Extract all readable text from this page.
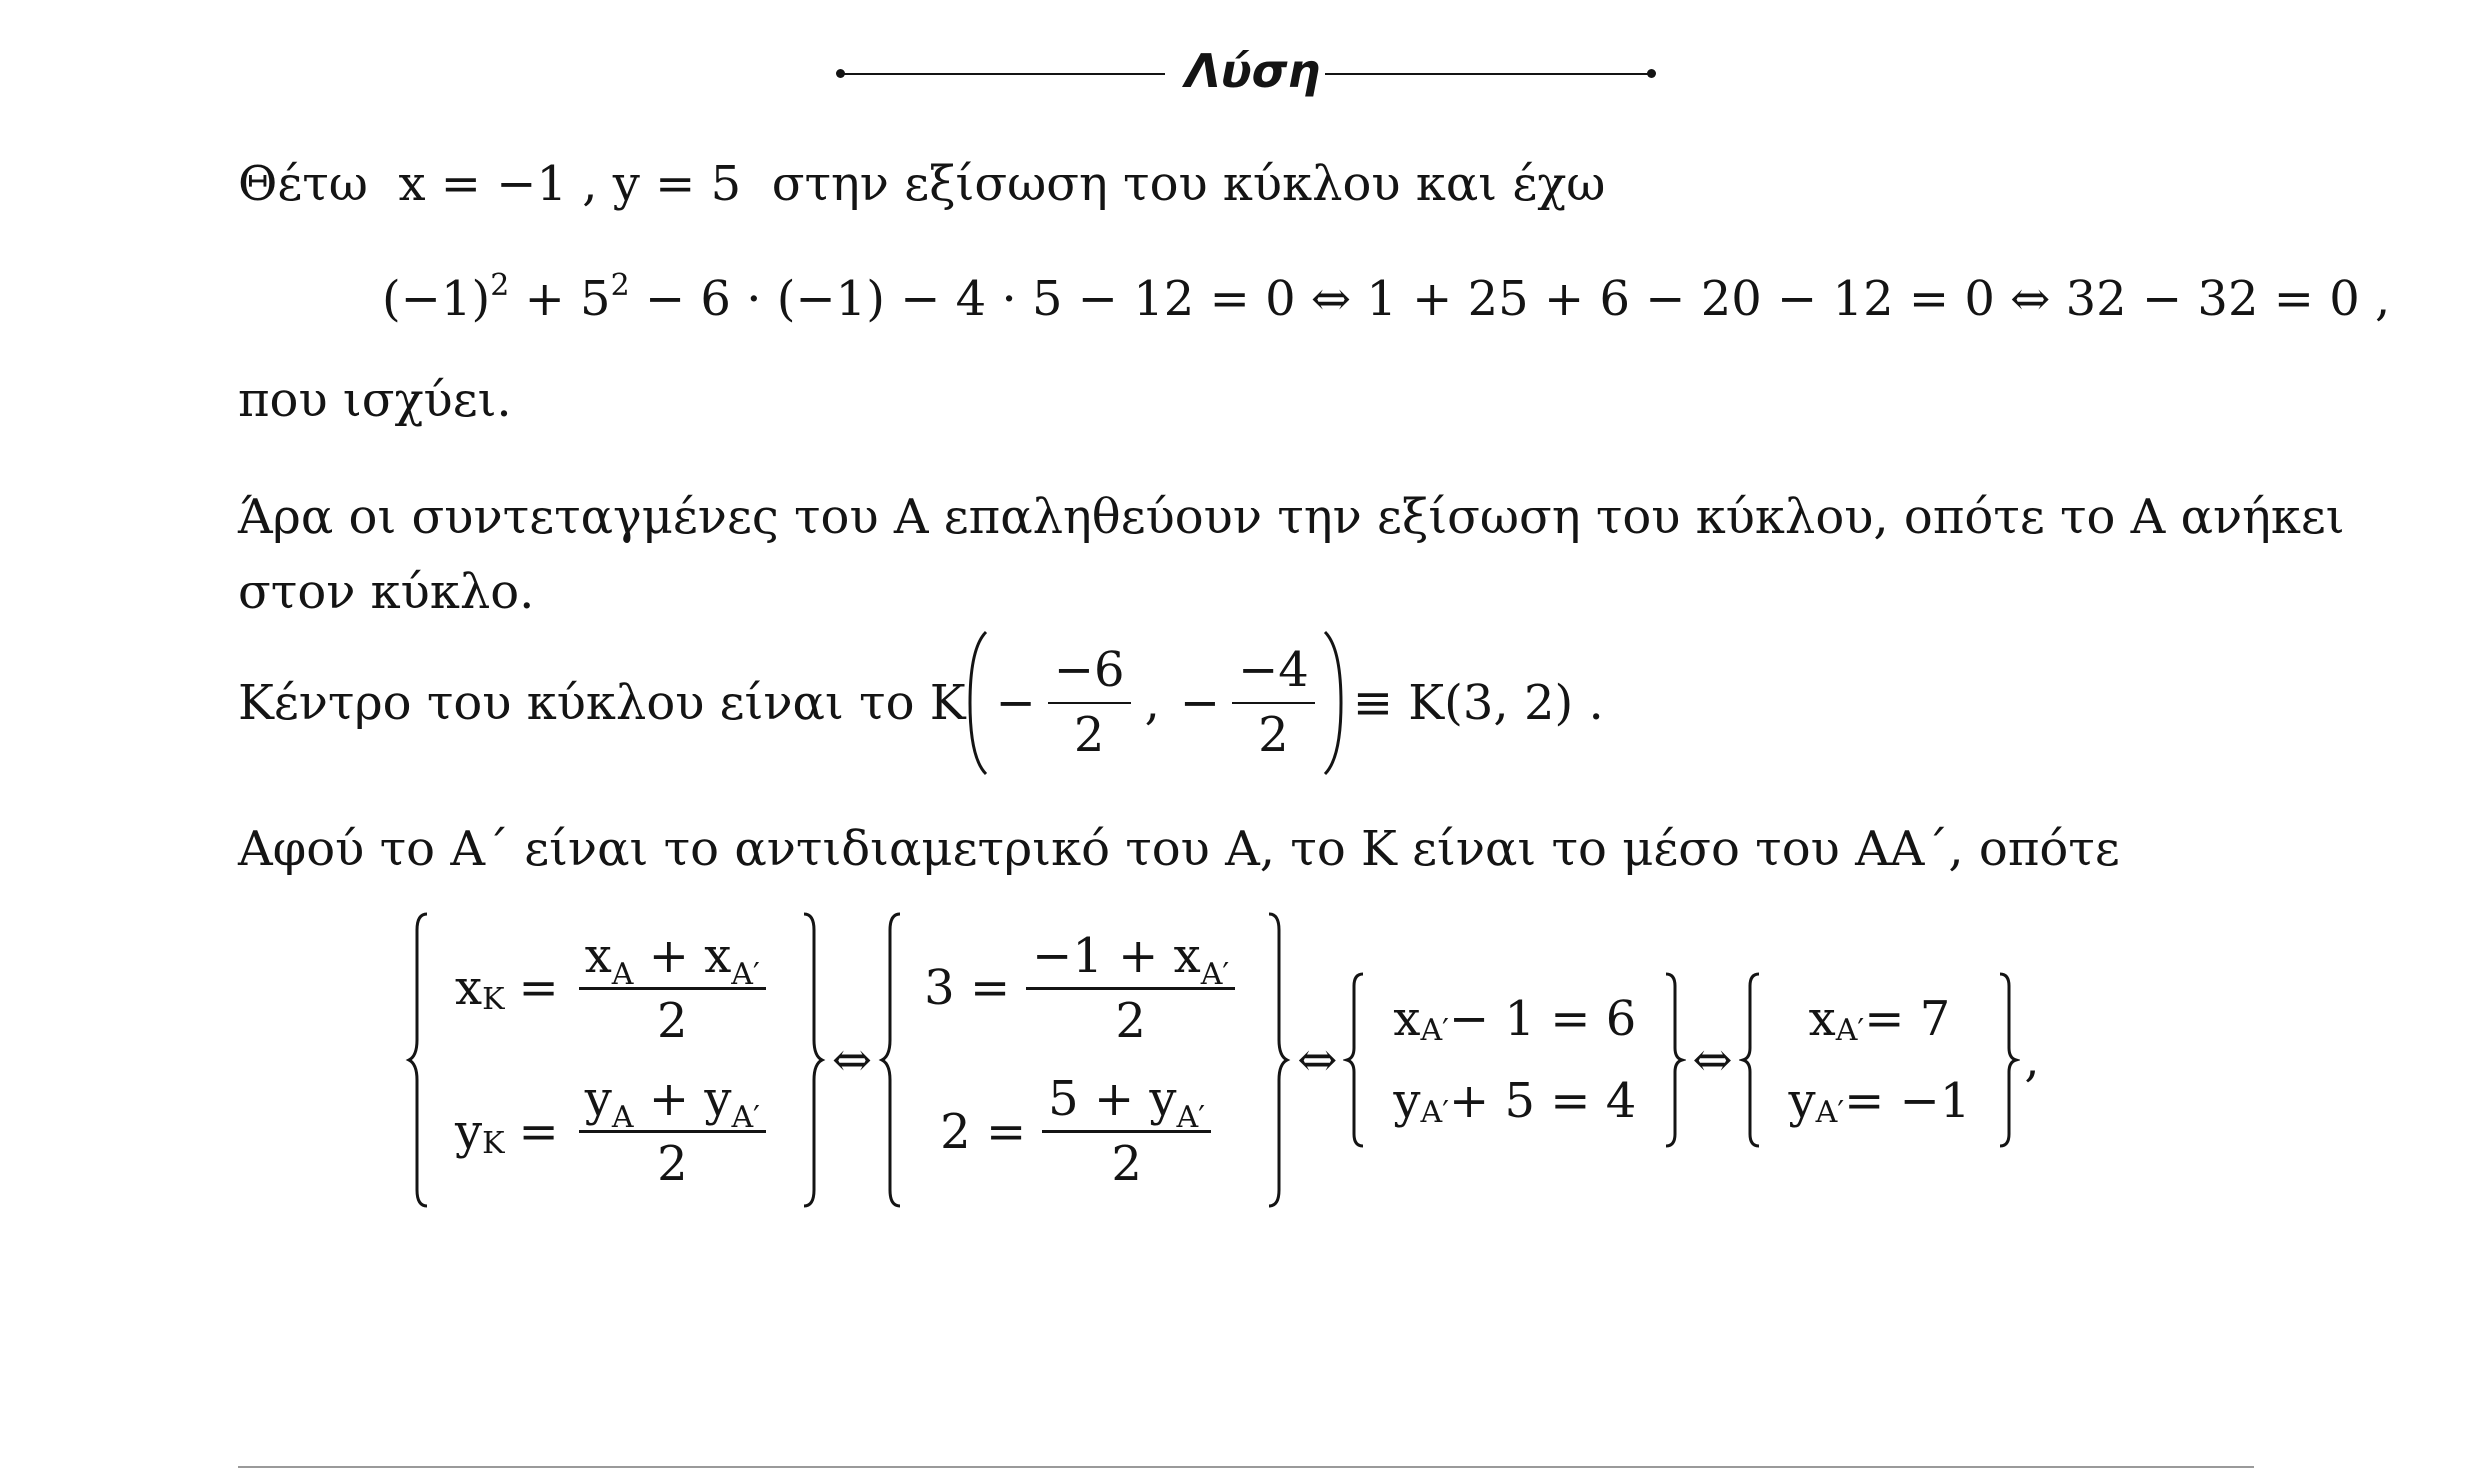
Λύση
Θέτω x = −1 , y = 5 στην εξίσωση του κύκλου και έχω
$(-1)^2 + 5^2 - 6 \cdot (-1) - 4 \cdot 5 - 12 = 0$ ⇔ 1 + 25 + 6 − 20 − 12 = 0 ⇔ 32 − 32 = 0 ,
που ισχύει.
Άρα οι συντεταγμένες του A επαληθεύουν την εξίσωση του κύκλου, οπότε το A ανήκει
στον κύκλο.
Κέντρο του κύκλου είναι το $K - \frac{-6}{2}$ , − $\frac{-4}{2} \equiv K(3$, 2) .
Αφού το A΄ είναι το αντιδιαμετρικό του A, το K είναι το μέσο του AA΄, οπότε
x $K = \frac{x_A + x_{A'}}{2}$
y $K = \frac{y_A + y_{A'}}{2}$
⇔
$3 = \frac{-1 + x_{A'}}{2}$
$2 = \frac{5 + y_{A'}}{2}$
⇔
x A′ − 1 = 6
y A′ + 5 = 4
⇔
x A′ = 7
y A′ = −1
,
